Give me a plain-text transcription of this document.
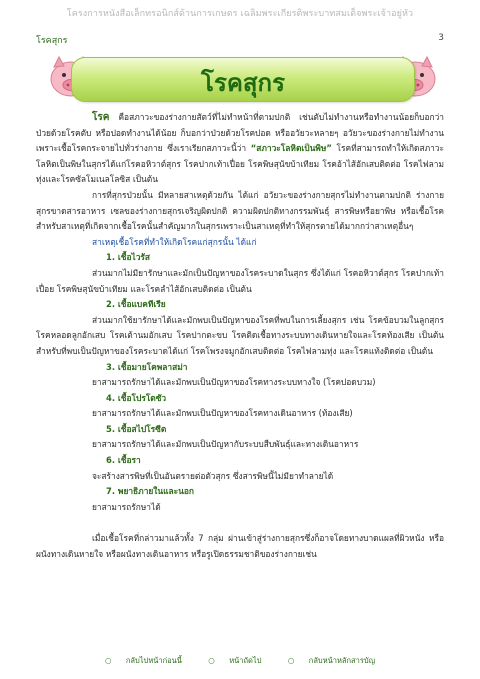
โครงการหนังสือเล็กทรอนิกส์ด้านการเกษตร เฉลิมพระเกียรติพระบาทสมเด็จพระเจ้าอยู่หัว
โรคสุกร	3
โรคสุกร

โรค คือสภาวะของร่างกายสัตว์ที่ไม่ทำหน้าที่ตามปกติ เช่นตับไม่ทำงานหรือทำงานน้อยก็บอกว่าป่วยด้วยโรคตับ หรือปอดทำงานได้น้อย ก็บอกว่าป่วยด้วยโรคปอด หรืออวัยวะหลายๆ อวัยวะของร่างกายไม่ทำงานเพราะเชื้อโรคกระจายไปทั่วร่างกาย ซึ่งเราเรียกสภาวะนี้ว่า “สภาวะโลหิตเป็นพิษ” โรคที่สามารถทำให้เกิดสภาวะโลหิตเป็นพิษในสุกรได้แก่โรคอหิวาต์สุกร โรคปากเท้าเปื่อย โรคพิษสุนัขบ้าเทียม โรคอ้าไส้อักเสบติดต่อ โรคไฟลามทุ่งและโรคซัลโมเนลโลซิส เป็นต้น

การที่สุกรป่วยนั้น มีหลายสาเหตุด้วยกัน ได้แก่ อวัยวะของร่างกายสุกรไม่ทำงานตามปกติ ร่างกายสุกรขาดสารอาหาร เซลของร่างกายสุกรเจริญผิดปกติ ความผิดปกติทางกรรมพันธุ์ สารพิษหรือยาพิษ หรือเชื้อโรค สำหรับสาเหตุที่เกิดจากเชื้อโรคนั้นสำคัญมากในสุกรเพราะเป็นสาเหตุที่ทำให้สุกรตายได้มากกว่าสาเหตุอื่นๆ

สาเหตุเชื้อโรคที่ทำให้เกิดโรคแก่สุกรนั้น ได้แก่

1. เชื้อไวรัส

ส่วนมากไม่มียารักษาและมักเป็นปัญหาของโรคระบาดในสุกร ซึ่งได้แก่ โรคอหิวาต์สุกร โรคปากเท้าเปื่อย โรคพิษสุนัขบ้าเทียม และโรคลำไส้อักเสบติดต่อ เป็นต้น

2. เชื้อแบคทีเรีย

ส่วนมากใช้ยารักษาได้และมักพบเป็นปัญหาของโรคที่พบในการเลี้ยงสุกร เช่น โรคข้อบวมในลูกสุกร โรคหลอดลูกอักเสบ โรคเต้านมอักเสบ โรคปากตะขบ โรคติดเชื้อทางระบบทางเดินหายใจและโรคท้องเสีย เป็นต้น สำหรับที่พบเป็นปัญหาของโรคระบาดได้แก่ โรคโพรงจมูกอักเสบติดต่อ โรคไฟลามทุ่ง และโรคแท้งติดต่อ เป็นต้น

3. เชื้อมายโคพลาสม่า

ยาสามารถรักษาได้และมักพบเป็นปัญหาของโรคทางระบบทางใจ (โรคปอดบวม)

4. เชื้อโปรโตซัว

ยาสามารถรักษาได้และมักพบเป็นปัญหาของโรคทางเดินอาหาร (ท้องเสีย)

5. เชื้อสไปโรซีต

ยาสามารถรักษาได้และมักพบเป็นปัญหากับระบบสืบพันธุ์และทางเดินอาหาร

6. เชื้อรา

จะสร้างสารพิษที่เป็นอันตรายต่อตัวสุกร ซึ่งสารพิษนี้ไม่มียาทำลายได้

7. พยาธิภายในและนอก

ยาสามารถรักษาได้

เมื่อเชื้อโรคที่กล่าวมาแล้วทั้ง 7 กลุ่ม ผ่านเข้าสู่ร่างกายสุกรซึ่งก็อาจโดยทางบาดแผลที่ผิวหนัง หรือผนังทางเดินหายใจ หรือผนังทางเดินอาหาร หรือรูเปิดธรรมชาติของร่างกายเช่น

○ กลับไปหน้าก่อนนี้	○ หน้าถัดไป	○ กลับหน้าหลักสารบัญ
